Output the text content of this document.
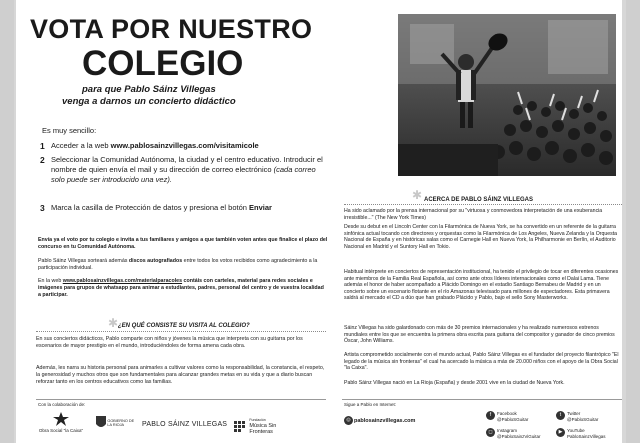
VOTA POR NUESTRO
COLEGIO
para que Pablo Sáinz Villegas
venga a darnos un concierto didáctico
Es muy sencillo:
1 Acceder a la web www.pablosainzvillegas.com/visitamicole
2 Seleccionar la Comunidad Autónoma, la ciudad y el centro educativo. Introducir el nombre de quien envía el mail y su dirección de correo electrónico (cada correo solo puede ser introducido una vez).
3 Marca la casilla de Protección de datos y presiona el botón Enviar
Envía ya el voto por tu colegio e invita a tus familiares y amigos a que también voten antes que finalice el plazo del concurso en tu Comunidad Autónoma.
Pablo Sáinz Villegas sorteará además discos autografiados entre todos los votos recibidos como agradecimiento a la participación individual.
En la web www.pablosainzvillegas.com/materialparacoles contáis con carteles, material para redes sociales e imágenes para grupos de whatsapp para animar a estudiantes, padres, personal del centro y de vuestra localidad a participar.
✱ ¿EN QUÉ CONSISTE SU VISITA AL COLEGIO?
En sus conciertos didácticos, Pablo comparte con niños y jóvenes la música que interpreta con su guitarra por los escenarios de mayor prestigio en el mundo, introduciéndoles de forma amena cada obra.
Además, les narra su historia personal para animarles a cultivar valores como la responsabilidad, la constancia, el respeto, la generosidad y muchos otros que son fundamentales para alcanzar grandes metas en su vida y que a diario buscan reforzar tanto en los centros educativos como las familias.
Con la colaboración de:
Obra Social "la Caixa"
GOBIERNO DE LA RIOJA	PABLO SÁINZ VILLEGAS

Fundación
Música Sin Fronteras
✱ ACERCA DE PABLO SÁINZ VILLEGAS
Ha sido aclamado por la prensa internacional por su "virtuosa y conmovedora interpretación de una exuberancia irresistible..." (The New York Times)
Desde su debut en el Lincoln Center con la Filarmónica de Nueva York, se ha convertido en un referente de la guitarra sinfónica actual tocando con directores y orquestas como la Filarmónica de Los Angeles, Nueva Zelanda y la Orquesta Nacional de España y en históricas salas como el Carnegie Hall en Nueva York, la Philharmonie en Berlín, el Auditorio Nacional en Madrid y el Suntory Hall en Tokio.
Habitual intérprete en conciertos de representación institucional, ha tenido el privilegio de tocar en diferentes ocasiones ante miembros de la Familia Real Española, así como ante otros líderes internacionales como el Dalai Lama. Tiene además el honor de haber acompañado a Plácido Domingo en el estadio Santiago Bernabeu de Madrid y en un concierto sobre un escenario flotante en el río Amazonas televisado para millones de espectadores. Esta primavera saldrá al mercado el CD a dúo que han grabado Plácido y Pablo, bajo el sello Sony Masterworks.
Sáinz Villegas ha sido galardonado con más de 30 premios internacionales y ha realizado numerosos estrenos mundiales entre los que se encuentra la primera obra escrita para guitarra del compositor y ganador de cinco premios Óscar, John Williams.
Artista comprometido socialmente con el mundo actual, Pablo Sáinz Villegas es el fundador del proyecto filantrópico "El legado de la música sin fronteras" el cual ha acercado la música a más de 20.000 niños con el apoyo de la Obra Social "la Caixa".
Pablo Sáinz Villegas nació en La Rioja (España) y desde 2001 vive en la ciudad de Nueva York.
Sigue a Pablo en Internet:
◎ pablosainzvillegas.com
f	Facebook
@PabloSGuitar
t	Twitter
@PabloSGuitar
◻ Instagram
@PabloSainzViGuitar
▶	YouTube
PabloSainzVillegas
